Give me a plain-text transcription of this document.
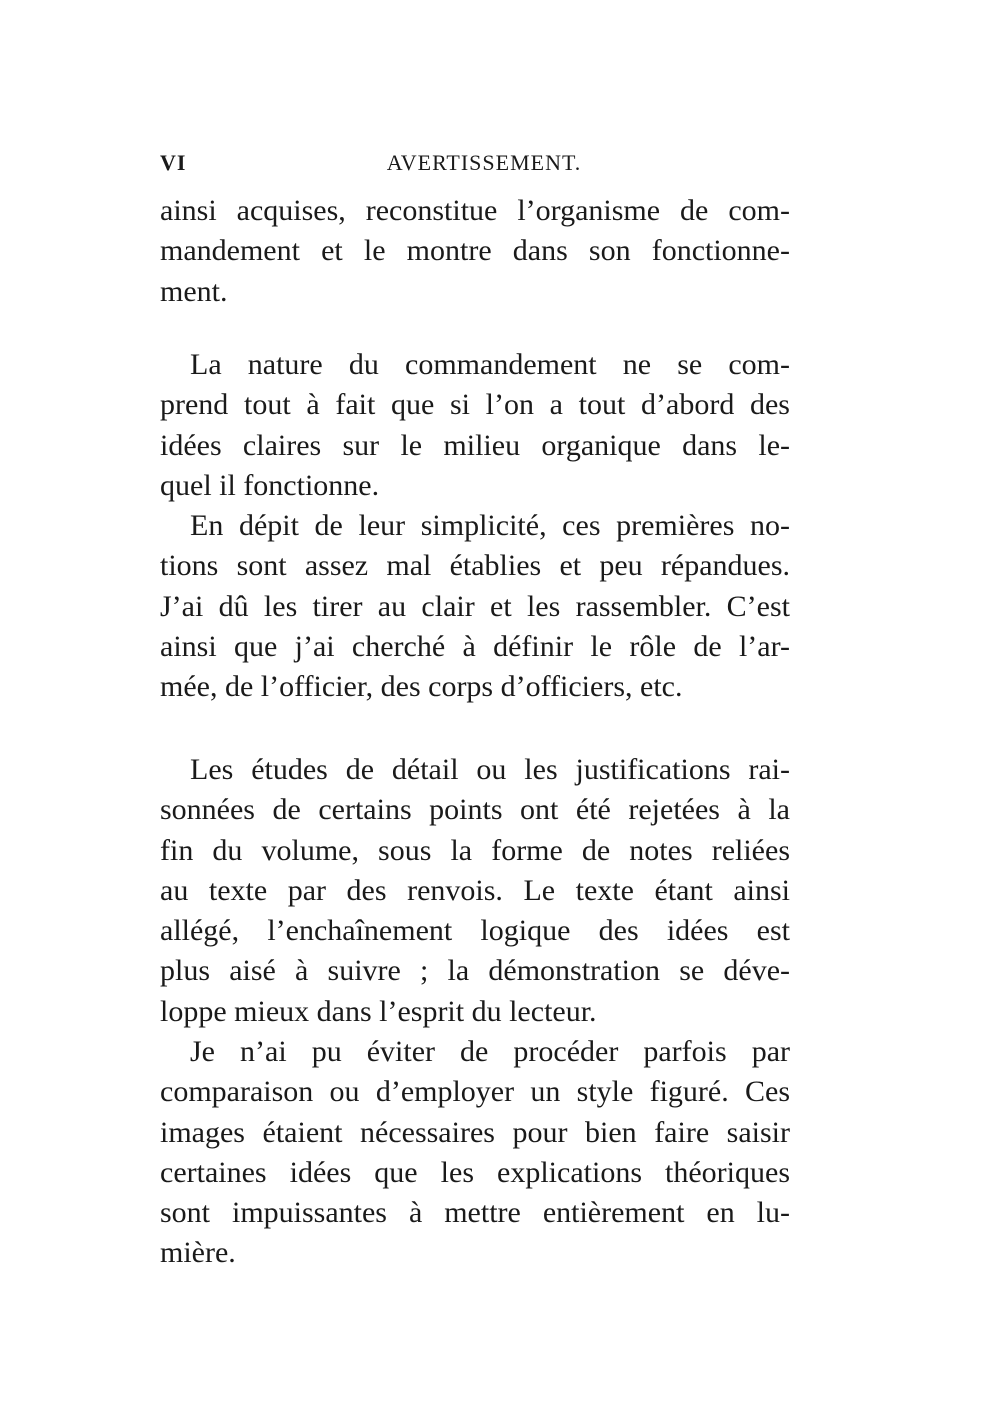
VI	AVERTISSEMENT.
ainsi acquises, reconstitue l’organisme de com-
mandement et le montre dans son fonctionne-
ment.
La nature du commandement ne se com-
prend tout à fait que si l’on a tout d’abord des
idées claires sur le milieu organique dans le-
quel il fonctionne.
En dépit de leur simplicité, ces premières no-
tions sont assez mal établies et peu répandues.
J’ai dû les tirer au clair et les rassembler. C’est
ainsi que j’ai cherché à définir le rôle de l’ar-
mée, de l’officier, des corps d’officiers, etc.
Les études de détail ou les justifications rai-
sonnées de certains points ont été rejetées à la
fin du volume, sous la forme de notes reliées
au texte par des renvois. Le texte étant ainsi
allégé, l’enchaînement logique des idées est
plus aisé à suivre ; la démonstration se déve-
loppe mieux dans l’esprit du lecteur.
Je n’ai pu éviter de procéder parfois par
comparaison ou d’employer un style figuré. Ces
images étaient nécessaires pour bien faire saisir
certaines idées que les explications théoriques
sont impuissantes à mettre entièrement en lu-
mière.
